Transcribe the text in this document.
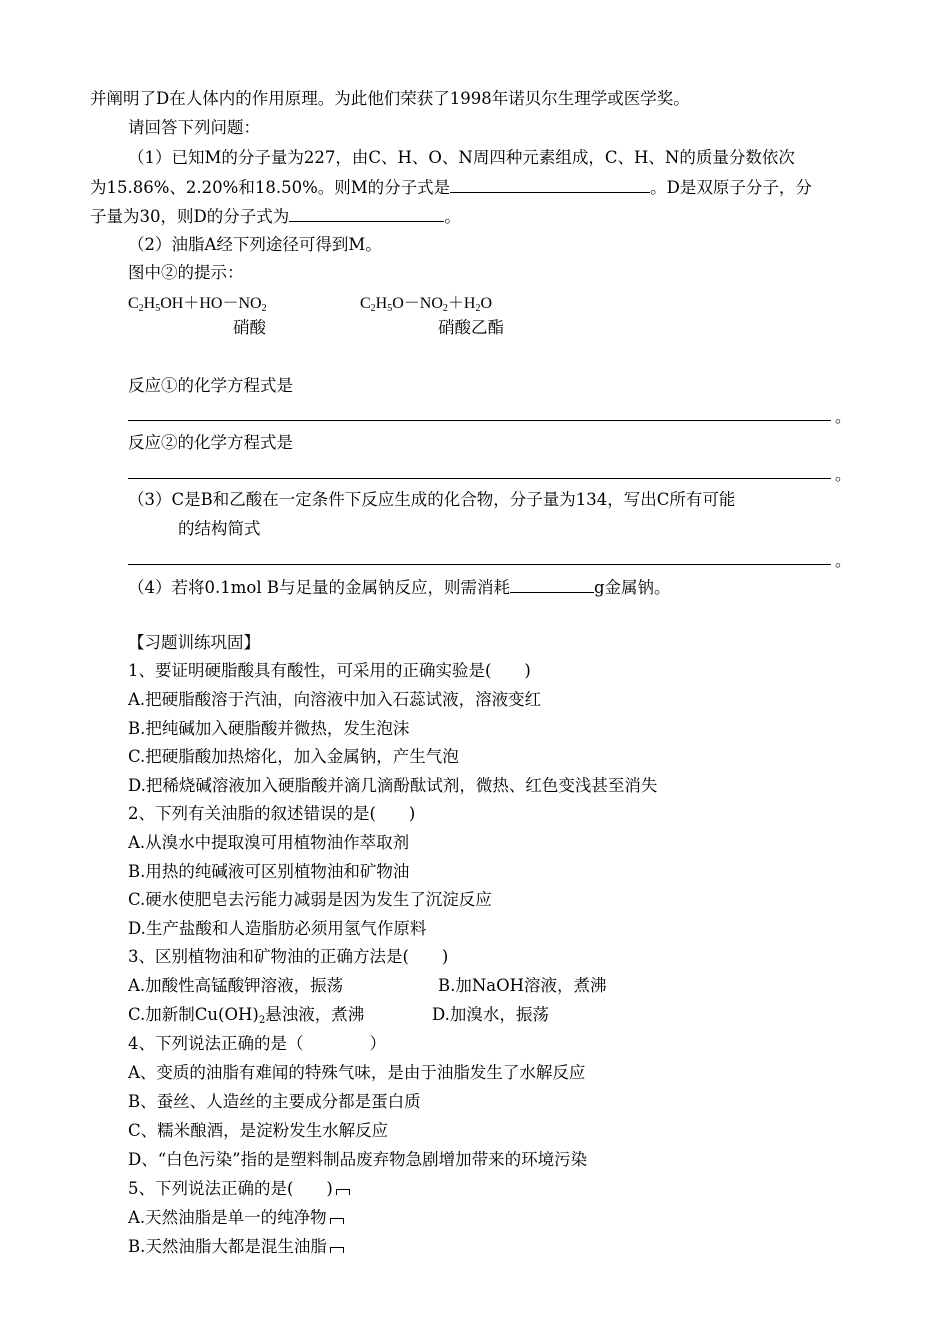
并阐明了D在人体内的作用原理。为此他们荣获了1998年诺贝尔生理学或医学奖。
请回答下列问题：
（1）已知M的分子量为227，由C、H、O、N周四种元素组成，C、H、N的质量分数依次
为15.86%、2.20%和18.50%。则M的分子式是	。D是双原子分子，分
子量为30，则D的分子式为	。
（2）油脂A经下列途径可得到M。
图中②的提示：
$C_2H_5OH+HO-NO_2$	$C_2H_5O-NO_2+H_2O$
硝酸	硝酸乙酯
反应①的化学方程式是
。
反应②的化学方程式是
。
（3）C是B和乙酸在一定条件下反应生成的化合物，分子量为134，写出C所有可能
的结构简式
。
（4）若将0.1mol B与足量的金属钠反应，则需消耗	g金属钠。
【习题训练巩固】
1、要证明硬脂酸具有酸性，可采用的正确实验是(　　)
A.把硬脂酸溶于汽油，向溶液中加入石蕊试液，溶液变红
B.把纯碱加入硬脂酸并微热，发生泡沫
C.把硬脂酸加热熔化，加入金属钠，产生气泡
D.把稀烧碱溶液加入硬脂酸并滴几滴酚酞试剂，微热、红色变浅甚至消失
2、下列有关油脂的叙述错误的是(　　)
A.从溴水中提取溴可用植物油作萃取剂
B.用热的纯碱液可区别植物油和矿物油
C.硬水使肥皂去污能力减弱是因为发生了沉淀反应
D.生产盐酸和人造脂肪必须用氢气作原料
3、区别植物油和矿物油的正确方法是(　　)
A.加酸性高锰酸钾溶液，振荡	B.加NaOH溶液，煮沸
C.加新制$Cu(OH)_2$悬浊液，煮沸	D.加溴水，振荡
4、下列说法正确的是（　　　　）
A、变质的油脂有难闻的特殊气味，是由于油脂发生了水解反应
B、蚕丝、人造丝的主要成分都是蛋白质
C、糯米酿酒，是淀粉发生水解反应
D、“白色污染”指的是塑料制品废弃物急剧增加带来的环境污染
5、下列说法正确的是(　　)
A.天然油脂是单一的纯净物
B.天然油脂大都是混生油脂
